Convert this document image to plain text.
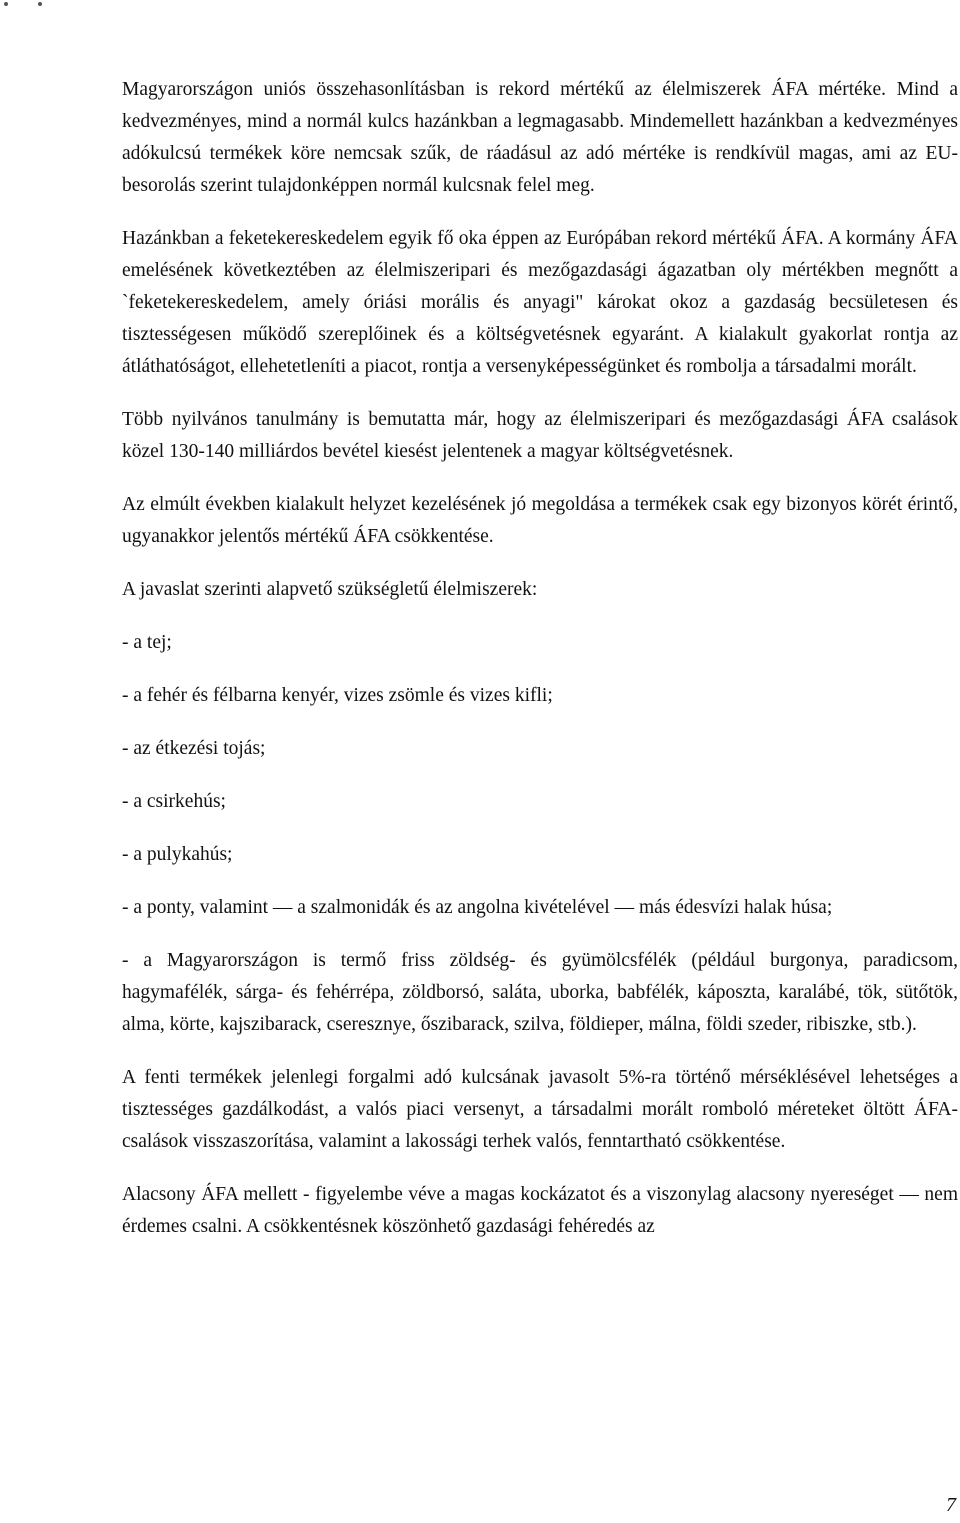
Magyarországon uniós összehasonlításban is rekord mértékű az élelmiszerek ÁFA mértéke. Mind a kedvezményes, mind a normál kulcs hazánkban a legmagasabb. Mindemellett hazánkban a kedvezményes adókulcsú termékek köre nemcsak szűk, de ráadásul az adó mértéke is rendkívül magas, ami az EU-besorolás szerint tulajdonképpen normál kulcsnak felel meg.

Hazánkban a feketekereskedelem egyik fő oka éppen az Európában rekord mértékű ÁFA. A kormány ÁFA emelésének következtében az élelmiszeripari és mezőgazdasági ágazatban oly mértékben megnőtt a `feketekereskedelem, amely óriási morális és anyagi" károkat okoz a gazdaság becsületesen és tisztességesen működő szereplőinek és a költségvetésnek egyaránt. A kialakult gyakorlat rontja az átláthatóságot, ellehetetleníti a piacot, rontja a versenyképességünket és rombolja a társadalmi morált.

Több nyilvános tanulmány is bemutatta már, hogy az élelmiszeripari és mezőgazdasági ÁFA csalások közel 130-140 milliárdos bevétel kiesést jelentenek a magyar költségvetésnek.

Az elmúlt években kialakult helyzet kezelésének jó megoldása a termékek csak egy bizonyos körét érintő, ugyanakkor jelentős mértékű ÁFA csökkentése.

A javaslat szerinti alapvető szükségletű élelmiszerek:

- a tej;

- a fehér és félbarna kenyér, vizes zsömle és vizes kifli;

- az étkezési tojás;

- a csirkehús;

- a pulykahús;

- a ponty, valamint — a szalmonidák és az angolna kivételével — más édesvízi halak húsa;

- a Magyarországon is termő friss zöldség- és gyümölcsfélék (például burgonya, paradicsom, hagymafélék, sárga- és fehérrépa, zöldborsó, saláta, uborka, babfélék, káposzta, karalábé, tök, sütőtök, alma, körte, kajszibarack, cseresznye, őszibarack, szilva, földieper, málna, földi szeder, ribiszke, stb.).

A fenti termékek jelenlegi forgalmi adó kulcsának javasolt 5%-ra történő mérséklésével lehetséges a tisztességes gazdálkodást, a valós piaci versenyt, a társadalmi morált romboló méreteket öltött ÁFA-csalások visszaszorítása, valamint a lakossági terhek valós, fenntartható csökkentése.

Alacsony ÁFA mellett - figyelembe véve a magas kockázatot és a viszonylag alacsony nyereséget — nem érdemes csalni. A csökkentésnek köszönhető gazdasági fehéredés az

7
